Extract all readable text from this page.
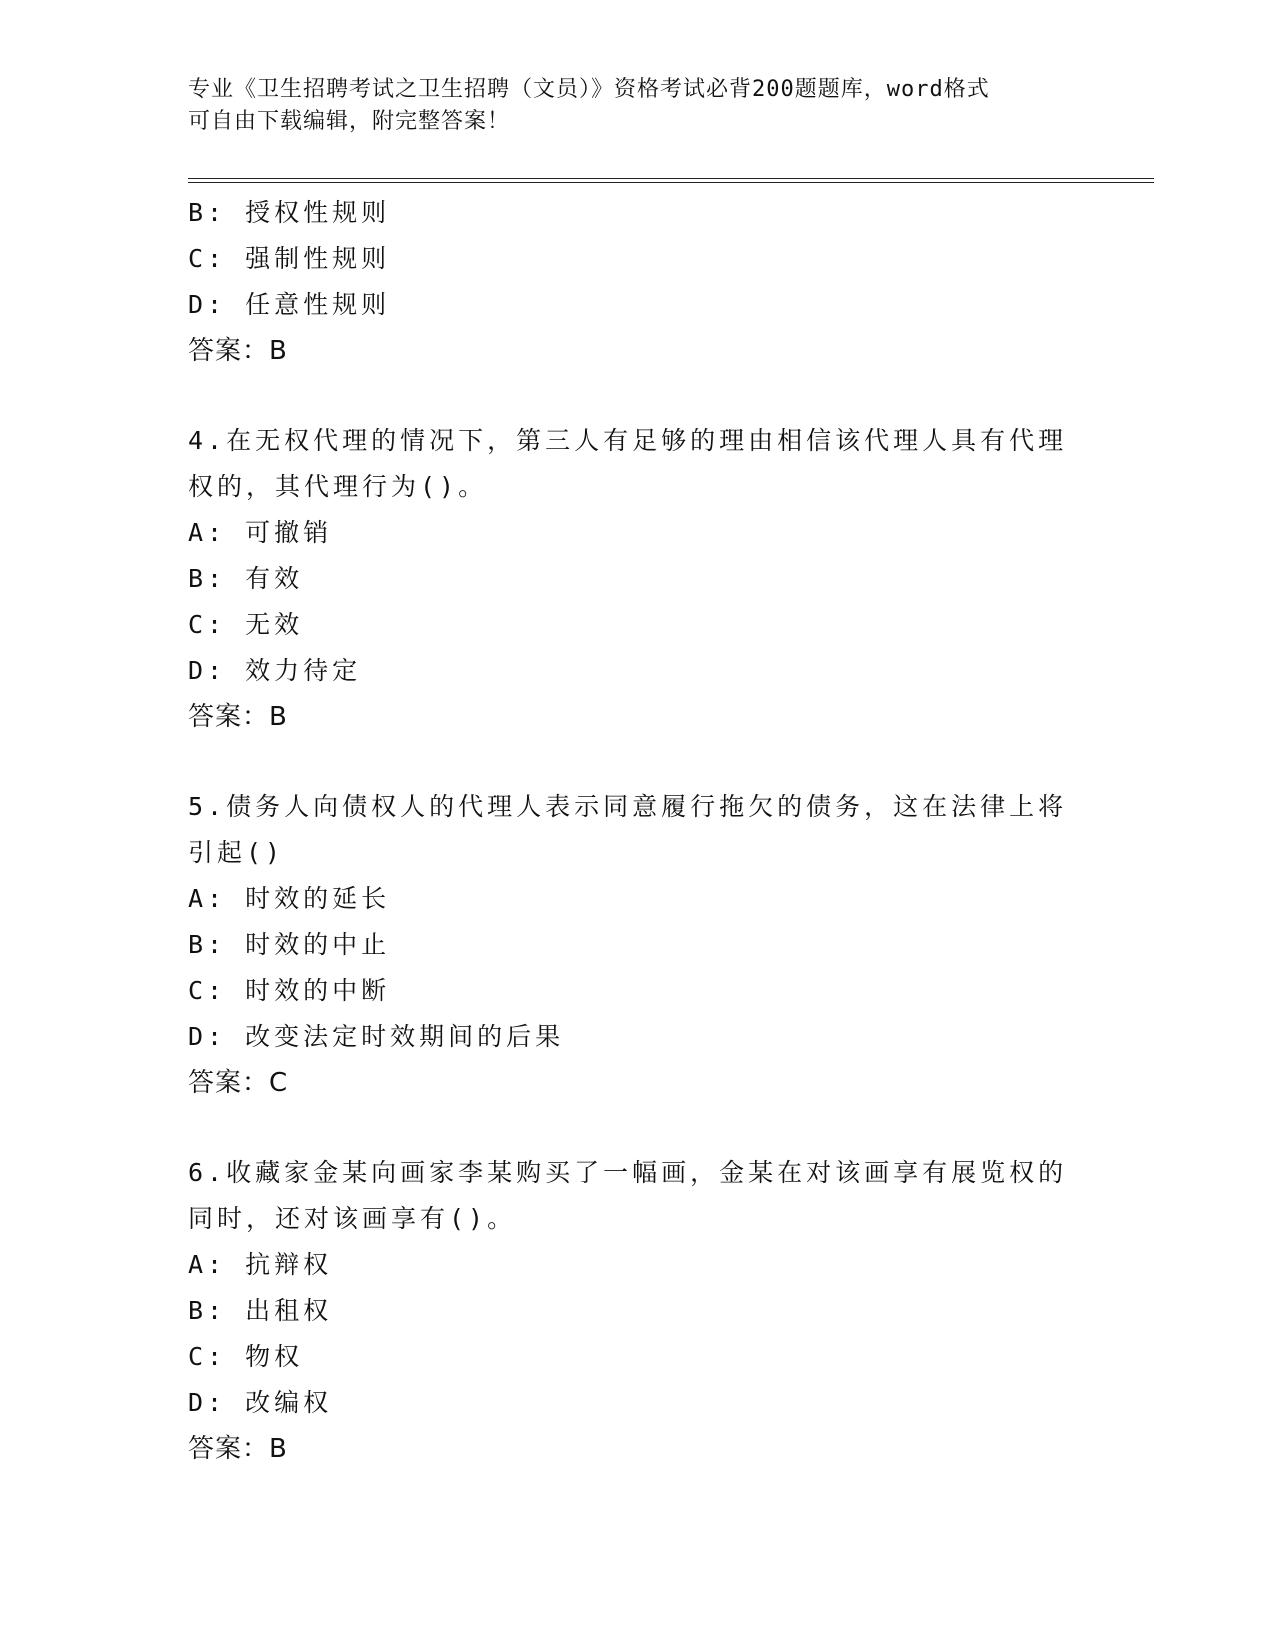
专业《卫生招聘考试之卫生招聘（文员）》资格考试必背200题题库，word格式
可自由下载编辑，附完整答案！
B: 授权性规则
C: 强制性规则
D: 任意性规则
答案：B
4.在无权代理的情况下，第三人有足够的理由相信该代理人具有代理
权的，其代理行为()。
A: 可撤销
B: 有效
C: 无效
D: 效力待定
答案：B
5.债务人向债权人的代理人表示同意履行拖欠的债务，这在法律上将
引起()
A: 时效的延长
B: 时效的中止
C: 时效的中断
D: 改变法定时效期间的后果
答案：C
6.收藏家金某向画家李某购买了一幅画，金某在对该画享有展览权的
同时，还对该画享有()。
A: 抗辩权
B: 出租权
C: 物权
D: 改编权
答案：B
